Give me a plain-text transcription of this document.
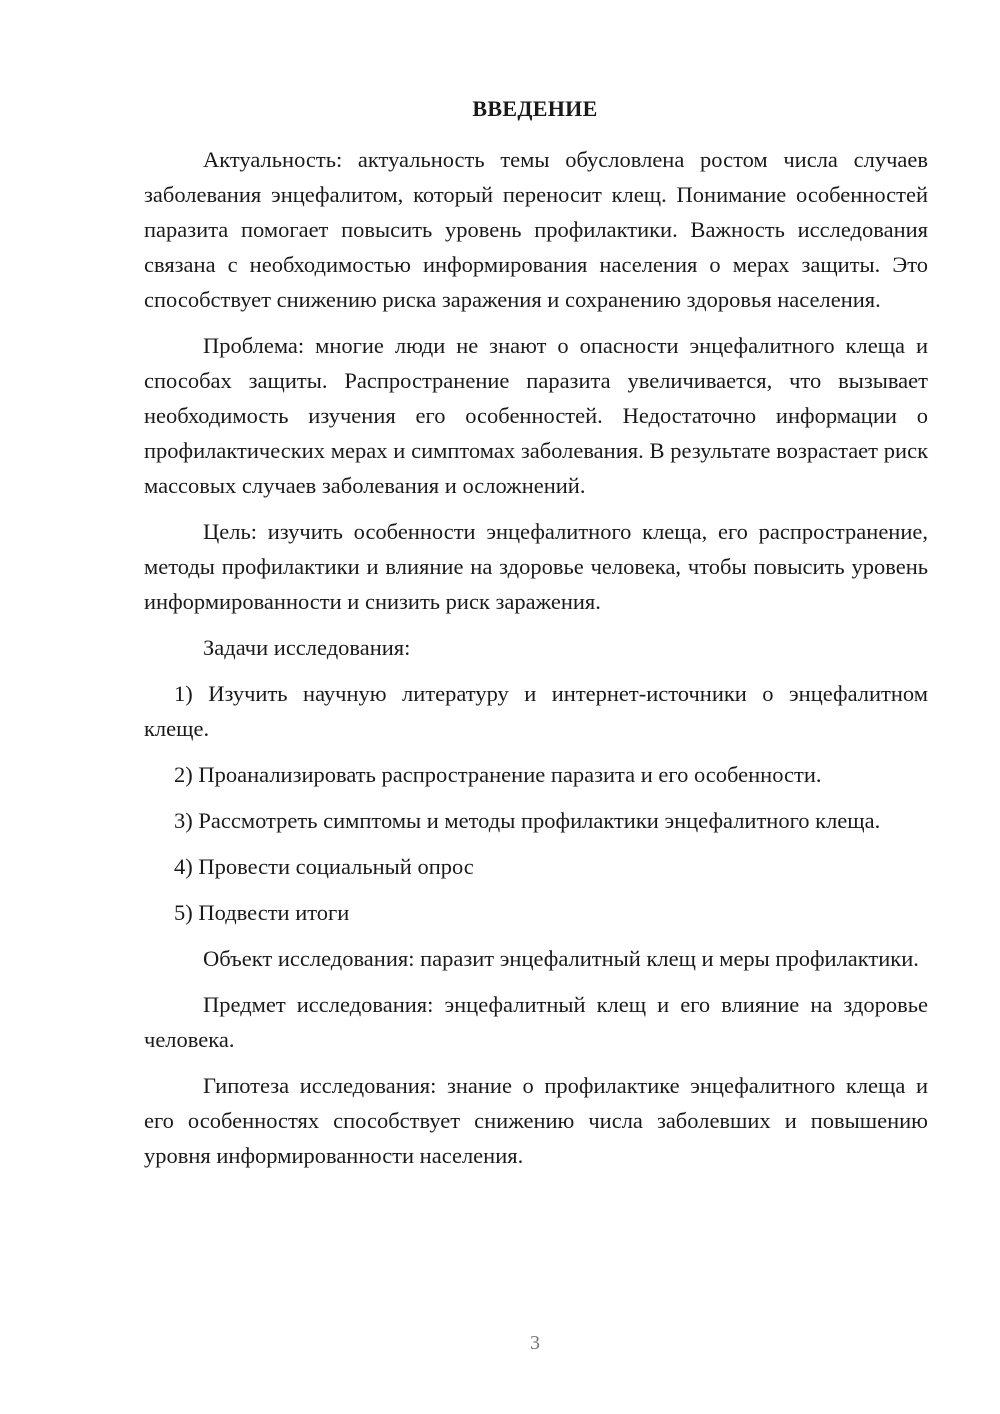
ВВЕДЕНИЕ

Актуальность: актуальность темы обусловлена ростом числа случаев заболевания энцефалитом, который переносит клещ. Понимание особенностей паразита помогает повысить уровень профилактики. Важность исследования связана с необходимостью информирования населения о мерах защиты. Это способствует снижению риска заражения и сохранению здоровья населения.

Проблема: многие люди не знают о опасности энцефалитного клеща и способах защиты. Распространение паразита увеличивается, что вызывает необходимость изучения его особенностей. Недостаточно информации о профилактических мерах и симптомах заболевания. В результате возрастает риск массовых случаев заболевания и осложнений.

Цель: изучить особенности энцефалитного клеща, его распространение, методы профилактики и влияние на здоровье человека, чтобы повысить уровень информированности и снизить риск заражения.

Задачи исследования:

1) Изучить научную литературу и интернет-источники о энцефалитном клеще.

2) Проанализировать распространение паразита и его особенности.

3) Рассмотреть симптомы и методы профилактики энцефалитного клеща.

4) Провести социальный опрос

5) Подвести итоги

Объект исследования: паразит энцефалитный клещ и меры профилактики.

Предмет исследования: энцефалитный клещ и его влияние на здоровье человека.

Гипотеза исследования: знание о профилактике энцефалитного клеща и его особенностях способствует снижению числа заболевших и повышению уровня информированности населения.

3
